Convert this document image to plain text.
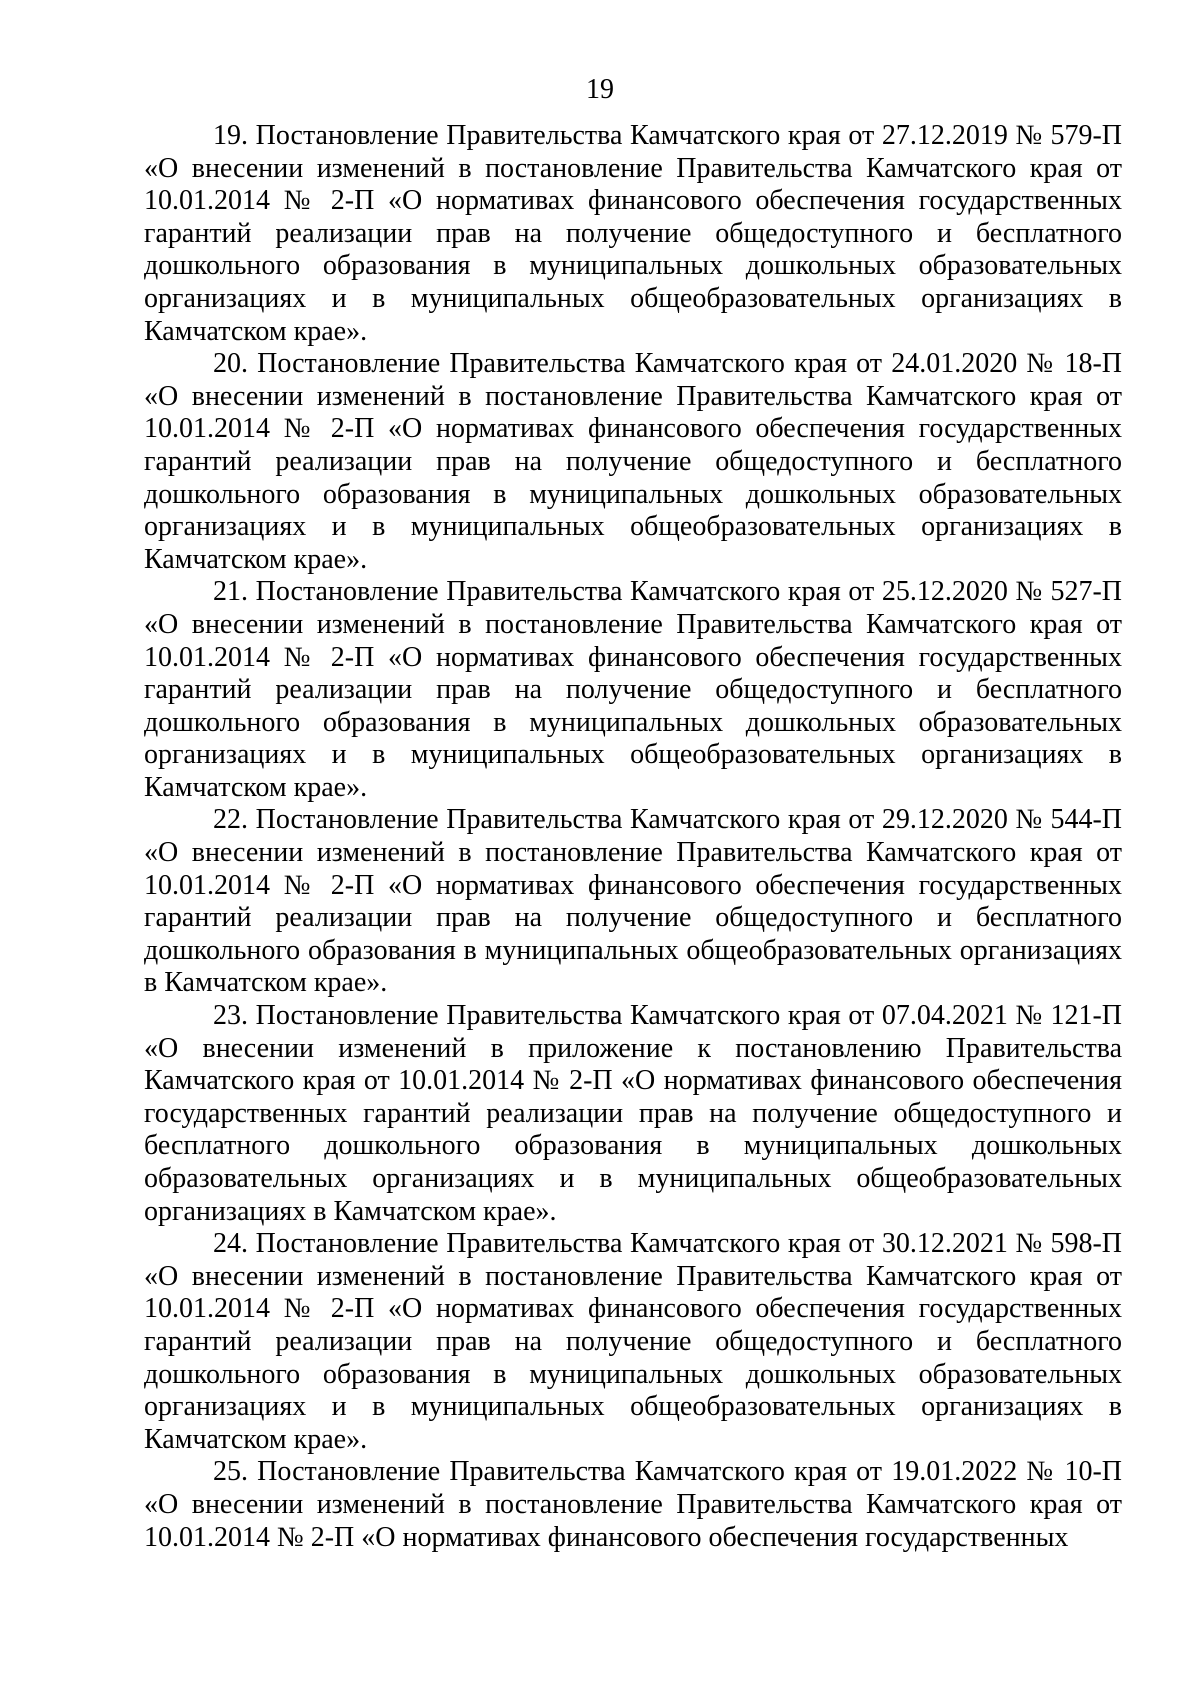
19

19. Постановление Правительства Камчатского края от 27.12.2019 № 579-П «О внесении изменений в постановление Правительства Камчатского края от 10.01.2014 № 2-П «О нормативах финансового обеспечения государственных гарантий реализации прав на получение общедоступного и бесплатного дошкольного образования в муниципальных дошкольных образовательных организациях и в муниципальных общеобразовательных организациях в Камчатском крае».

20. Постановление Правительства Камчатского края от 24.01.2020 № 18-П «О внесении изменений в постановление Правительства Камчатского края от 10.01.2014 № 2-П «О нормативах финансового обеспечения государственных гарантий реализации прав на получение общедоступного и бесплатного дошкольного образования в муниципальных дошкольных образовательных организациях и в муниципальных общеобразовательных организациях в Камчатском крае».

21. Постановление Правительства Камчатского края от 25.12.2020 № 527-П «О внесении изменений в постановление Правительства Камчатского края от 10.01.2014 № 2-П «О нормативах финансового обеспечения государственных гарантий реализации прав на получение общедоступного и бесплатного дошкольного образования в муниципальных дошкольных образовательных организациях и в муниципальных общеобразовательных организациях в Камчатском крае».

22. Постановление Правительства Камчатского края от 29.12.2020 № 544-П «О внесении изменений в постановление Правительства Камчатского края от 10.01.2014 № 2-П «О нормативах финансового обеспечения государственных гарантий реализации прав на получение общедоступного и бесплатного дошкольного образования в муниципальных общеобразовательных организациях в Камчатском крае».

23. Постановление Правительства Камчатского края от 07.04.2021 № 121-П «О внесении изменений в приложение к постановлению Правительства Камчатского края от 10.01.2014 № 2-П «О нормативах финансового обеспечения государственных гарантий реализации прав на получение общедоступного и бесплатного дошкольного образования в муниципальных дошкольных образовательных организациях и в муниципальных общеобразовательных организациях в Камчатском крае».

24. Постановление Правительства Камчатского края от 30.12.2021 № 598-П «О внесении изменений в постановление Правительства Камчатского края от 10.01.2014 № 2-П «О нормативах финансового обеспечения государственных гарантий реализации прав на получение общедоступного и бесплатного дошкольного образования в муниципальных дошкольных образовательных организациях и в муниципальных общеобразовательных организациях в Камчатском крае».

25. Постановление Правительства Камчатского края от 19.01.2022 № 10-П «О внесении изменений в постановление Правительства Камчатского края от 10.01.2014 № 2-П «О нормативах финансового обеспечения государственных
